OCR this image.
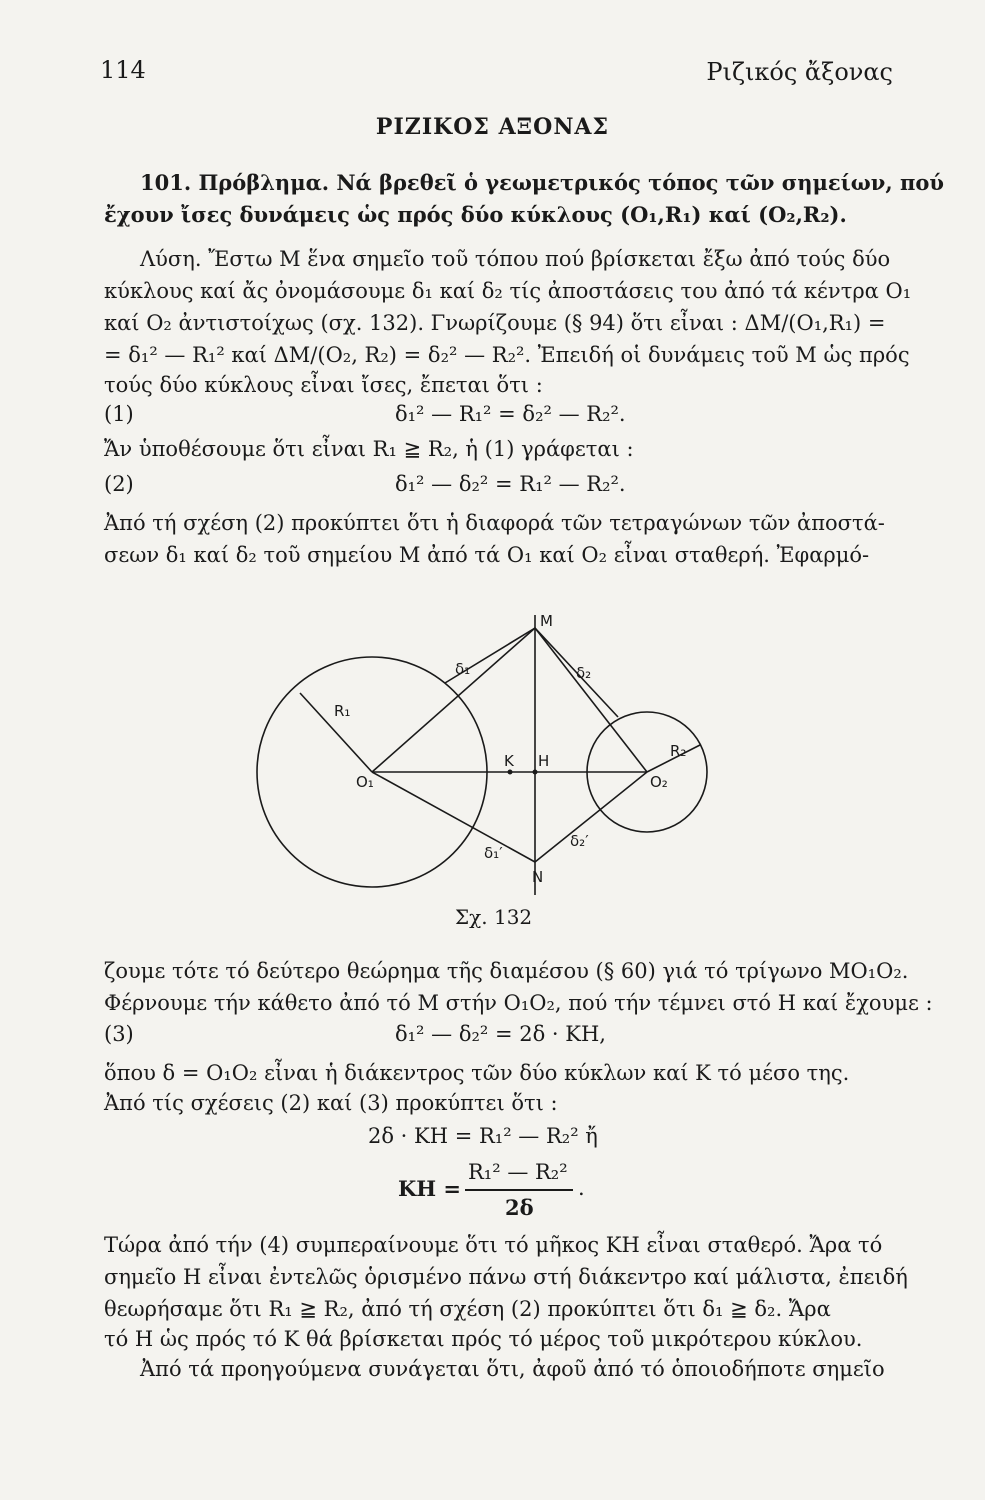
114	Ριζικός ἄξονας
ΡΙΖΙΚΟΣ ΑΞΟΝΑΣ
101. Πρόβλημα. Νά βρεθεῖ ὁ γεωμετρικός τόπος τῶν σημείων, πού
ἔχουν ἴσες δυνάμεις ὡς πρός δύο κύκλους (O₁,R₁) καί (O₂,R₂).
Λύση. Ἔστω Μ ἕνα σημεῖο τοῦ τόπου πού βρίσκεται ἔξω ἀπό τούς δύο
κύκλους καί ἄς ὀνομάσουμε δ₁ καί δ₂ τίς ἀποστάσεις του ἀπό τά κέντρα O₁
καί O₂ ἀντιστοίχως (σχ. 132). Γνωρίζουμε (§ 94) ὅτι εἶναι : ΔΜ/(O₁,R₁) =
= δ₁² — R₁² καί ΔΜ/(O₂, R₂) = δ₂² — R₂². Ἐπειδή οἱ δυνάμεις τοῦ Μ ὡς πρός
τούς δύο κύκλους εἶναι ἴσες, ἔπεται ὅτι :
(1)	δ₁² — R₁² = δ₂² — R₂².
Ἄν ὑποθέσουμε ὅτι εἶναι R₁ ≧ R₂, ἡ (1) γράφεται :
(2)	δ₁² — δ₂² = R₁² — R₂².
Ἀπό τή σχέση (2) προκύπτει ὅτι ἡ διαφορά τῶν τετραγώνων τῶν ἀποστά-
σεων δ₁ καί δ₂ τοῦ σημείου Μ ἀπό τά O₁ καί O₂ εἶναι σταθερή. Ἐφαρμό-
M
N
K H
O₁	O₂
R₁
R₂
δ₁	δ₂
δ₁′
δ₂′
Σχ. 132
ζουμε τότε τό δεύτερο θεώρημα τῆς διαμέσου (§ 60) γιά τό τρίγωνο MO₁O₂.
Φέρνουμε τήν κάθετο ἀπό τό Μ στήν O₁O₂, πού τήν τέμνει στό Η καί ἔχουμε :
(3)	δ₁² — δ₂² = 2δ · ΚΗ,
ὅπου δ = O₁O₂ εἶναι ἡ διάκεντρος τῶν δύο κύκλων καί Κ τό μέσο της.
Ἀπό τίς σχέσεις (2) καί (3) προκύπτει ὅτι :
2δ · ΚΗ = R₁² — R₂² ἤ
ΚΗ =
R₁² — R₂²
2δ
.
Τώρα ἀπό τήν (4) συμπεραίνουμε ὅτι τό μῆκος ΚΗ εἶναι σταθερό. Ἄρα τό
σημεῖο Η εἶναι ἐντελῶς ὁρισμένο πάνω στή διάκεντρο καί μάλιστα, ἐπειδή
θεωρήσαμε ὅτι R₁ ≧ R₂, ἀπό τή σχέση (2) προκύπτει ὅτι δ₁ ≧ δ₂. Ἄρα
τό Η ὡς πρός τό Κ θά βρίσκεται πρός τό μέρος τοῦ μικρότερου κύκλου.
Ἀπό τά προηγούμενα συνάγεται ὅτι, ἀφοῦ ἀπό τό ὁποιοδήποτε σημεῖο
